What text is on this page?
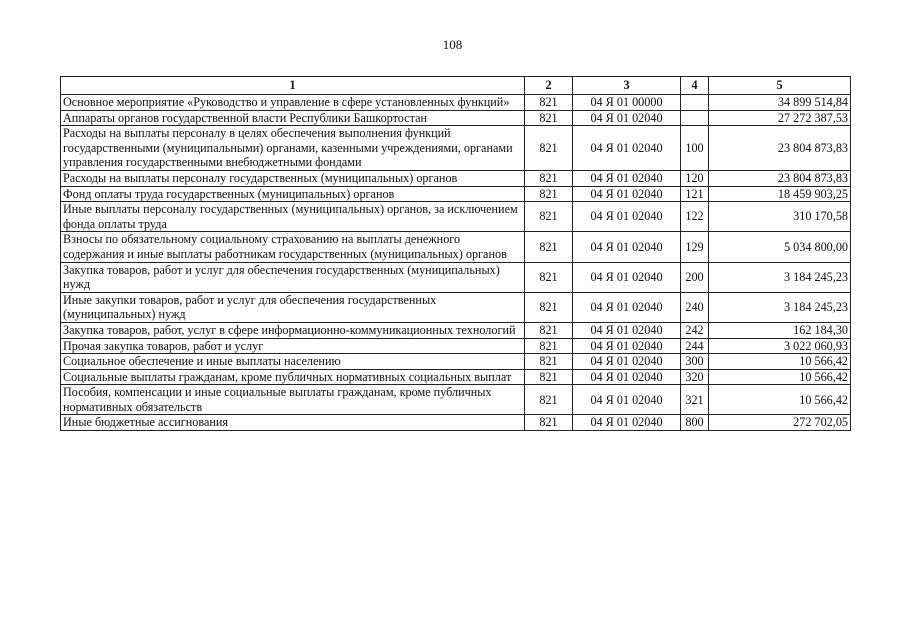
108
1	2	3	4	5
Основное мероприятие «Руководство и управление в сфере установленных функций»	821	04 Я 01 00000		34 899 514,84
Аппараты органов государственной власти Республики Башкортостан	821	04 Я 01 02040		27 272 387,53
Расходы на выплаты персоналу в целях обеспечения выполнения функций государственными (муниципальными) органами, казенными учреждениями, органами управления государственными внебюджетными фондами	821	04 Я 01 02040	100	23 804 873,83
Расходы на выплаты персоналу государственных (муниципальных) органов	821	04 Я 01 02040	120	23 804 873,83
Фонд оплаты труда государственных (муниципальных) органов	821	04 Я 01 02040	121	18 459 903,25
Иные выплаты персоналу государственных (муниципальных) органов, за исключением фонда оплаты труда	821	04 Я 01 02040	122	310 170,58
Взносы по обязательному социальному страхованию на выплаты денежного содержания и иные выплаты работникам государственных (муниципальных) органов	821	04 Я 01 02040	129	5 034 800,00
Закупка товаров, работ и услуг для обеспечения государственных (муниципальных) нужд	821	04 Я 01 02040	200	3 184 245,23
Иные закупки товаров, работ и услуг для обеспечения государственных (муниципальных) нужд	821	04 Я 01 02040	240	3 184 245,23
Закупка товаров, работ, услуг в сфере информационно-коммуникационных технологий	821	04 Я 01 02040	242	162 184,30
Прочая закупка товаров, работ и услуг	821	04 Я 01 02040	244	3 022 060,93
Социальное обеспечение и иные выплаты населению	821	04 Я 01 02040	300	10 566,42
Социальные выплаты гражданам, кроме публичных нормативных социальных выплат	821	04 Я 01 02040	320	10 566,42
Пособия, компенсации и иные социальные выплаты гражданам, кроме публичных нормативных обязательств	821	04 Я 01 02040	321	10 566,42
Иные бюджетные ассигнования	821	04 Я 01 02040	800	272 702,05
